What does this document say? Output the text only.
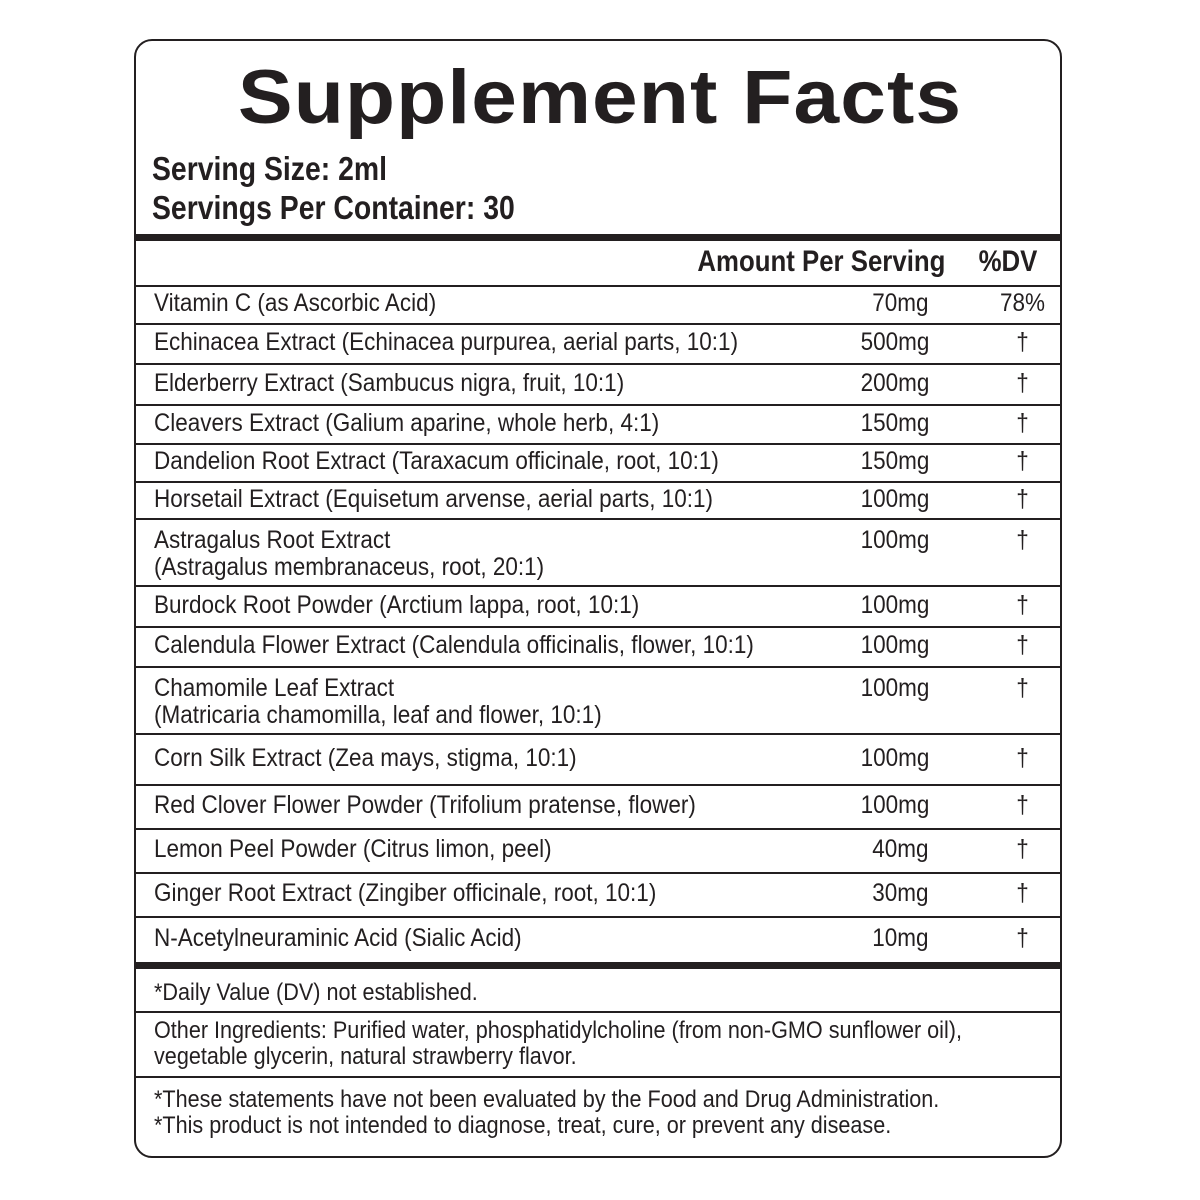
Supplement Facts
Serving Size: 2ml
Servings Per Container: 30
Amount Per Serving %DV
Vitamin C (as Ascorbic Acid)	70mg	78%
Echinacea Extract (Echinacea purpurea, aerial parts, 10:1)	500mg	†
Elderberry Extract (Sambucus nigra, fruit, 10:1)	200mg	†
Cleavers Extract (Galium aparine, whole herb, 4:1)	150mg	†
Dandelion Root Extract (Taraxacum officinale, root, 10:1)	150mg	†
Horsetail Extract (Equisetum arvense, aerial parts, 10:1)	100mg	†
Astragalus Root Extract
(Astragalus membranaceus, root, 20:1)
100mg	†
Burdock Root Powder (Arctium lappa, root, 10:1)	100mg	†
Calendula Flower Extract (Calendula officinalis, flower, 10:1)	100mg	†
Chamomile Leaf Extract
(Matricaria chamomilla, leaf and flower, 10:1)
100mg	†
Corn Silk Extract (Zea mays, stigma, 10:1)	100mg	†
Red Clover Flower Powder (Trifolium pratense, flower)	100mg	†
Lemon Peel Powder (Citrus limon, peel)	40mg	†
Ginger Root Extract (Zingiber officinale, root, 10:1)	30mg	†
N-Acetylneuraminic Acid (Sialic Acid)	10mg	†
*Daily Value (DV) not established.
Other Ingredients: Purified water, phosphatidylcholine (from non-GMO sunflower oil),
vegetable glycerin, natural strawberry flavor.
*These statements have not been evaluated by the Food and Drug Administration.
*This product is not intended to diagnose, treat, cure, or prevent any disease.
